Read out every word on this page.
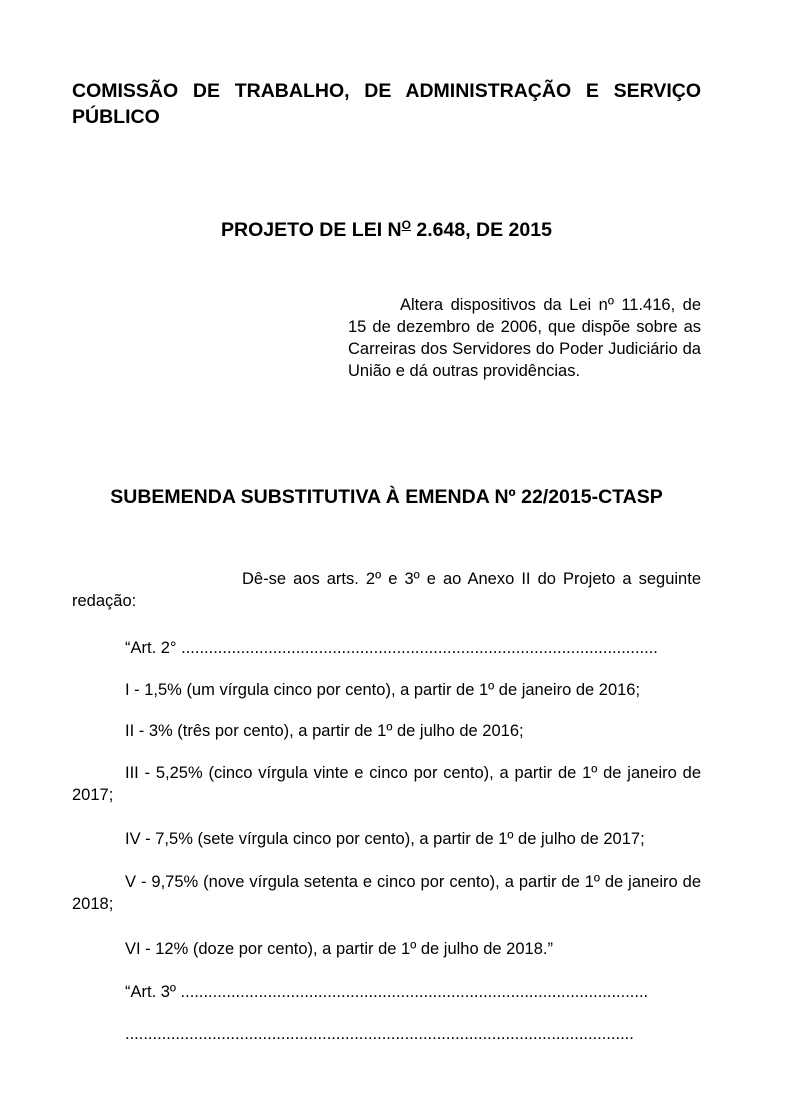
COMISSÃO DE TRABALHO, DE ADMINISTRAÇÃO E SERVIÇO PÚBLICO
PROJETO DE LEI $N^O$ 2.648, DE 2015
Altera dispositivos da Lei nº 11.416, de 15 de dezembro de 2006, que dispõe sobre as Carreiras dos Servidores do Poder Judiciário da União e dá outras providências.
SUBEMENDA SUBSTITUTIVA À EMENDA Nº 22/2015-CTASP

Dê-se aos arts. 2º e 3º e ao Anexo II do Projeto a seguinte redação:

“Art. 2° ........................................................................................................

I - 1,5% (um vírgula cinco por cento), a partir de 1º de janeiro de 2016;

II - 3% (três por cento), a partir de 1º de julho de 2016;

III - 5,25% (cinco vírgula vinte e cinco por cento), a partir de 1º de janeiro de 2017;

IV - 7,5% (sete vírgula cinco por cento), a partir de 1º de julho de 2017;

V - 9,75% (nove vírgula setenta e cinco por cento), a partir de 1º de janeiro de 2018;

VI - 12% (doze por cento), a partir de 1º de julho de 2018.”

“Art. 3º ......................................................................................................
...............................................................................................................
